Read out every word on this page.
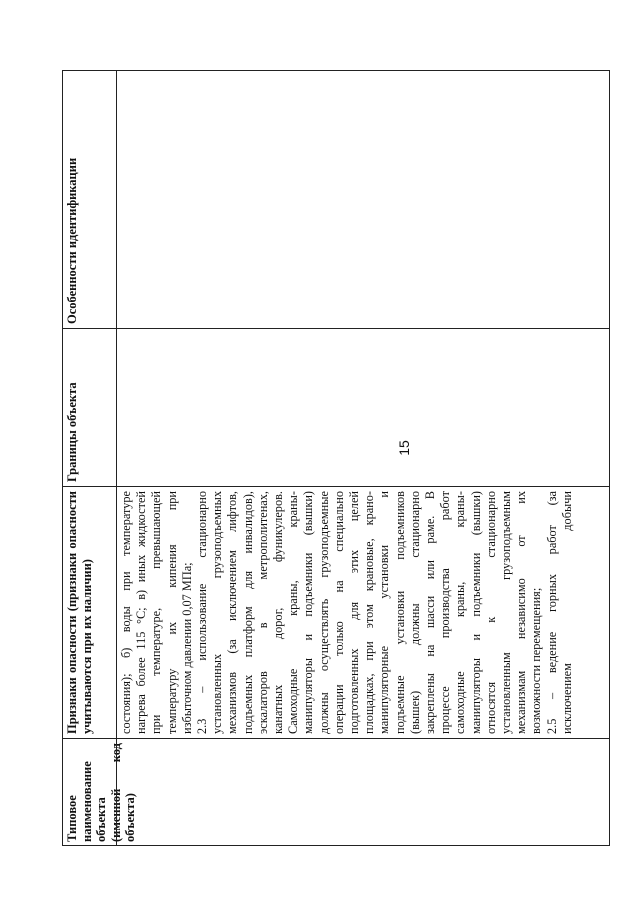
15
Типовое наименование объекта (именной код объекта)
Признаки опасности (признаки опасности учитываются при их наличии) состояния); б) воды при температуре нагрева более 115 °С; в) иных жидкостей при температуре, превышающей температуру их кипения при избыточном давлении 0,07 МПа; 2.3 – использование стационарно установленных грузоподъемных механизмов (за исключением лифтов, подъемных платформ для инвалидов), эскалаторов в метрополитенах, канатных дорог, фуникулеров. Самоходные краны, краны- манипуляторы и подъемники (вышки) должны осуществлять грузоподъемные операции только на специально подготовленных для этих целей площадках, при этом крановые, крано- манипуляторные установки и подъемные установки подъемников (вышек) должны стационарно закреплены на шасси или раме. В процессе производства работ самоходные краны, краны- манипуляторы и подъемники (вышки) относятся к стационарно установленным грузоподъемным механизмам независимо от их возможности перемещения; 2.5 – ведение горных работ (за исключением добычи
Границы объекта
Особенности идентификации
